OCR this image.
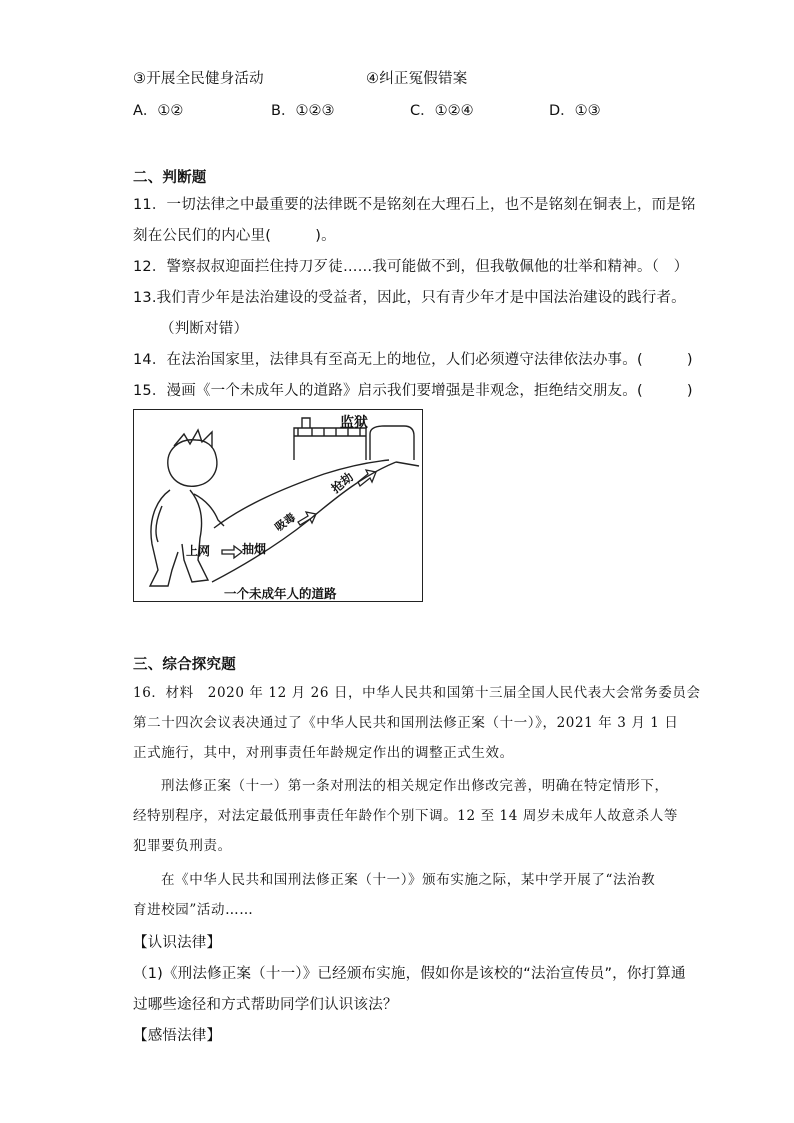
③开展全民健身活动	④纠正冤假错案
A．①②	B．①②③	C．①②④	D．①③
二、判断题
11．一切法律之中最重要的法律既不是铭刻在大理石上，也不是铭刻在铜表上，而是铭
刻在公民们的内心里(　　　)。
12．警察叔叔迎面拦住持刀歹徒……我可能做不到，但我敬佩他的壮举和精神。（　）
13.我们青少年是法治建设的受益者，因此，只有青少年才是中国法治建设的践行者。
（判断对错）
14．在法治国家里，法律具有至高无上的地位，人们必须遵守法律依法办事。(　　　)
15．漫画《一个未成年人的道路》启示我们要增强是非观念，拒绝结交朋友。(　　　)
监狱
上网	抽烟
吸毒
抢劫
一个未成年人的道路
三、综合探究题
16．材料　2020 年 12 月 26 日，中华人民共和国第十三届全国人民代表大会常务委员会
第二十四次会议表决通过了《中华人民共和国刑法修正案（十一）》，2021 年 3 月 1 日
正式施行，其中，对刑事责任年龄规定作出的调整正式生效。
刑法修正案（十一）第一条对刑法的相关规定作出修改完善，明确在特定情形下，
经特别程序，对法定最低刑事责任年龄作个别下调。12 至 14 周岁未成年人故意杀人等
犯罪要负刑责。
在《中华人民共和国刑法修正案（十一）》颁布实施之际，某中学开展了“法治教
育进校园”活动……
【认识法律】
（1)《刑法修正案（十一）》已经颁布实施，假如你是该校的“法治宣传员”，你打算通
过哪些途径和方式帮助同学们认识该法？
【感悟法律】
